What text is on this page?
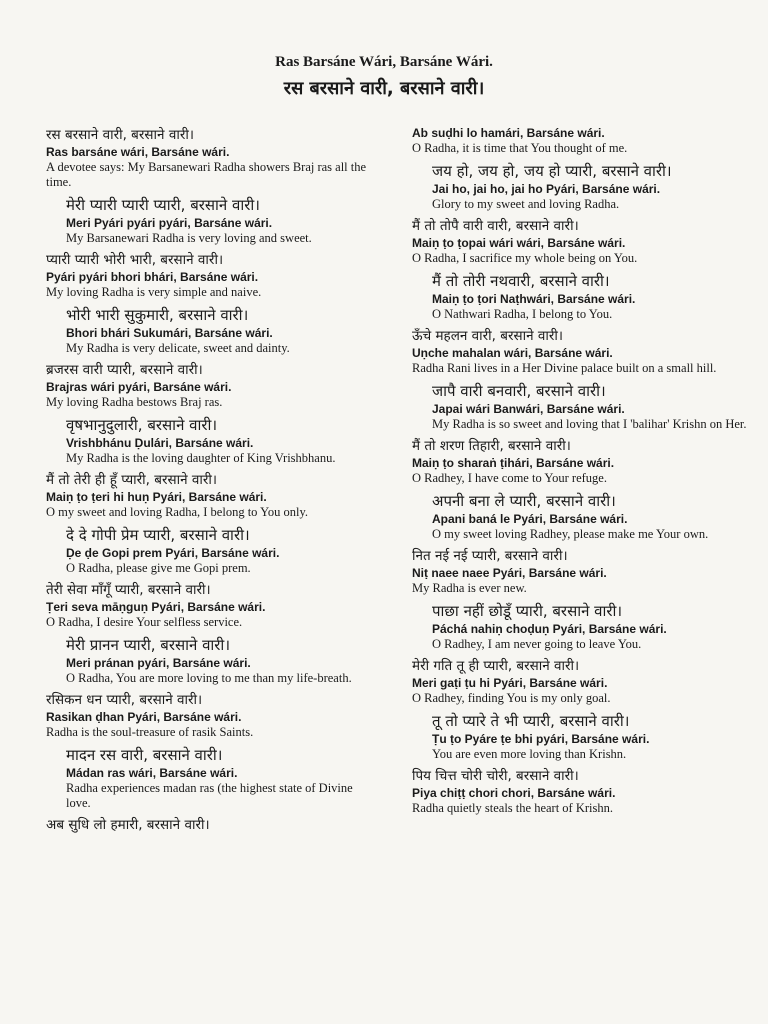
Ras Barsáne Wári, Barsáne Wári.
रस बरसाने वारी, बरसाने वारी।
रस बरसाने वारी, बरसाने वारी।
Ras barsáne wári, Barsáne wári.
A devotee says: My Barsanewari Radha showers Braj ras all the time.
मेरी प्यारी प्यारी प्यारी, बरसाने वारी।
Meri Pyári pyári pyári, Barsáne wári.
My Barsanewari Radha is very loving and sweet.
प्यारी प्यारी भोरी भारी, बरसाने वारी।
Pyári pyári bhori bhári, Barsáne wári.
My loving Radha is very simple and naive.
भोरी भारी सुकुमारी, बरसाने वारी।
Bhori bhári Sukumári, Barsáne wári.
My Radha is very delicate, sweet and dainty.
ब्रजरस वारी प्यारी, बरसाने वारी।
Brajras wári pyári, Barsáne wári.
My loving Radha bestows Braj ras.
वृषभानुदुलारी, बरसाने वारी।
Vrishbhánu Ḍulári, Barsáne wári.
My Radha is the loving daughter of King Vrishbhanu.
मैं तो तेरी ही हूँ प्यारी, बरसाने वारी।
Maiṇ ṭo ṭeri hi huṇ Pyári, Barsáne wári.
O my sweet and loving Radha, I belong to You only.
दे दे गोपी प्रेम प्यारी, बरसाने वारी।
Ḍe ḍe Gopi prem Pyári, Barsáne wári.
O Radha, please give me Gopi prem.
तेरी सेवा माँगूँ प्यारी, बरसाने वारी।
Ṭeri seva māṇguṇ Pyári, Barsáne wári.
O Radha, I desire Your selfless service.
मेरी प्रानन प्यारी, बरसाने वारी।
Meri pránan pyári, Barsáne wári.
O Radha, You are more loving to me than my life-breath.
रसिकन धन प्यारी, बरसाने वारी।
Rasikan ḍhan Pyári, Barsáne wári.
Radha is the soul-treasure of rasik Saints.
मादन रस वारी, बरसाने वारी।
Mádan ras wári, Barsáne wári.
Radha experiences madan ras (the highest state of Divine love.
अब सुधि लो हमारी, बरसाने वारी।
Ab suḍhi lo hamári, Barsáne wári.
O Radha, it is time that You thought of me.
जय हो, जय हो, जय हो प्यारी, बरसाने वारी।
Jai ho, jai ho, jai ho Pyári, Barsáne wári.
Glory to my sweet and loving Radha.
मैं तो तोपै वारी वारी, बरसाने वारी।
Maiṇ ṭo ṭopai wári wári, Barsáne wári.
O Radha, I sacrifice my whole being on You.
मैं तो तोरी नथवारी, बरसाने वारी।
Maiṇ ṭo ṭori Naṭhwári, Barsáne wári.
O Nathwari Radha, I belong to You.
ऊँचे महलन वारी, बरसाने वारी।
Uṇche mahalan wári, Barsáne wári.
Radha Rani lives in a Her Divine palace built on a small hill.
जापै वारी बनवारी, बरसाने वारी।
Japai wári Banwári, Barsáne wári.
My Radha is so sweet and loving that I 'balihar' Krishn on Her.
मैं तो शरण तिहारी, बरसाने वारी।
Maiṇ ṭo sharaṅ ṭihári, Barsáne wári.
O Radhey, I have come to Your refuge.
अपनी बना ले प्यारी, बरसाने वारी।
Apani baná le Pyári, Barsáne wári.
O my sweet loving Radhey, please make me Your own.
नित नई नई प्यारी, बरसाने वारी।
Niṭ naee naee Pyári, Barsáne wári.
My Radha is ever new.
पाछा नहीं छोडूँ प्यारी, बरसाने वारी।
Páchá nahiṇ choḍuṇ Pyári, Barsáne wári.
O Radhey, I am never going to leave You.
मेरी गति तू ही प्यारी, बरसाने वारी।
Meri gaṭi ṭu hi Pyári, Barsáne wári.
O Radhey, finding You is my only goal.
तू तो प्यारे ते भी प्यारी, बरसाने वारी।
Ṭu ṭo Pyáre ṭe bhi pyári, Barsáne wári.
You are even more loving than Krishn.
पिय चित्त चोरी चोरी, बरसाने वारी।
Piya chiṭṭ chori chori, Barsáne wári.
Radha quietly steals the heart of Krishn.
